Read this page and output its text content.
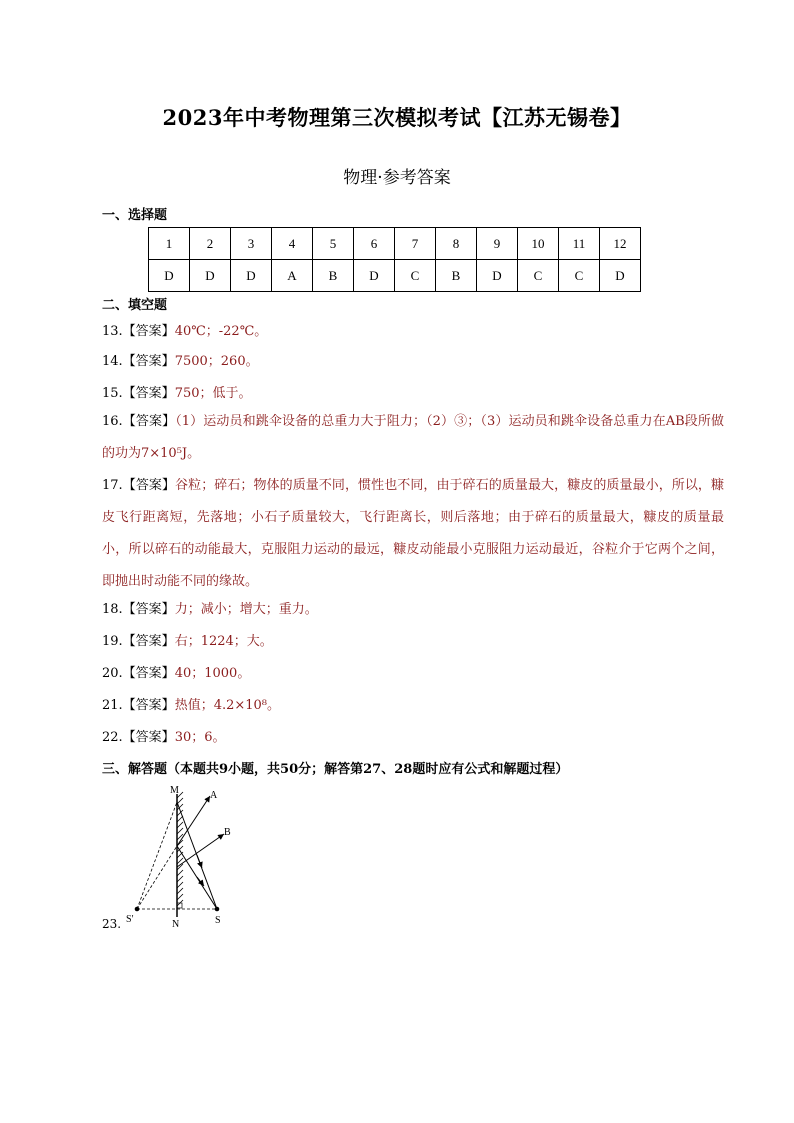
2023年中考物理第三次模拟考试【江苏无锡卷】
物理·参考答案
一、选择题
1	2	3	4	5	6	7	8	9	10	11	12
D	D	D	A	B	D	C	B	D	C	C	D
二、填空题
13.【答案】40℃；-22℃。
14.【答案】7500；260。
15.【答案】750；低于。

16.【答案】（1）运动员和跳伞设备的总重力大于阻力；（2）③；（3）运动员和跳伞设备总重力在AB段所做的功为7×10⁵J。

17.【答案】谷粒；碎石；物体的质量不同，惯性也不同，由于碎石的质量最大，糠皮的质量最小，所以，糠皮飞行距离短，先落地；小石子质量较大，飞行距离长，则后落地；由于碎石的质量最大，糠皮的质量最小，所以碎石的动能最大，克服阻力运动的最远，糠皮动能最小克服阻力运动最近，谷粒介于它两个之间，即抛出时动能不同的缘故。

18.【答案】力；减小；增大；重力。
19.【答案】右；1224；大。
20.【答案】40；1000。
21.【答案】热值；4.2×10⁸。
22.【答案】30；6。
三、解答题（本题共9小题，共50分；解答第27、28题时应有公式和解题过程）
M
N
A
B
S
S′
23.
